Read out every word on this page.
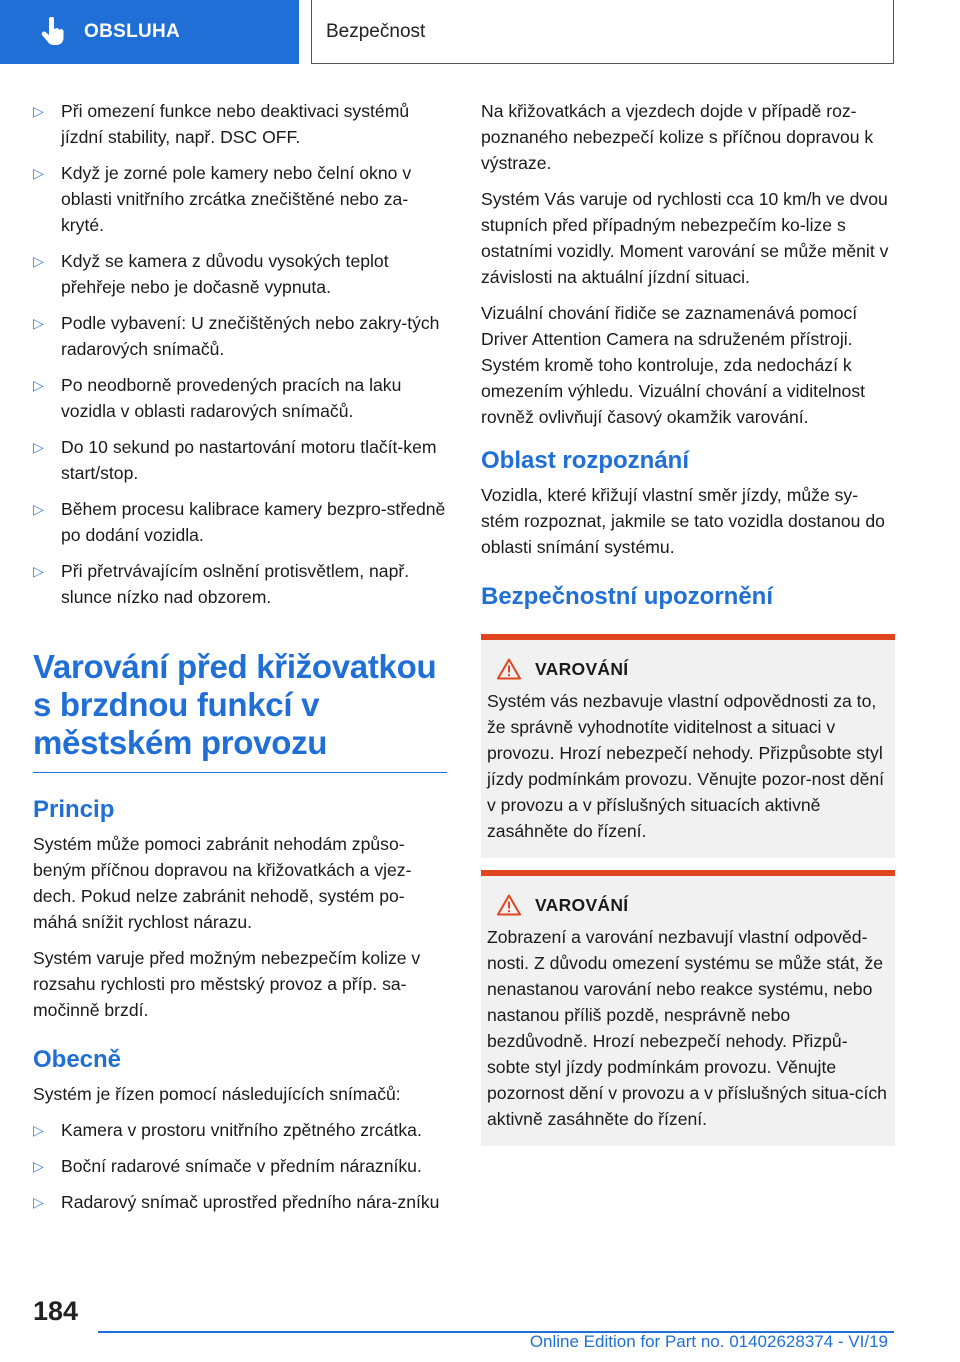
OBSLUHA	Bezpečnost
▷ Při omezení funkce nebo deaktivaci systémů jízdní stability, např. DSC OFF.
▷ Když je zorné pole kamery nebo čelní okno v oblasti vnitřního zrcátka znečištěné nebo za‐kryté.
▷ Když se kamera z důvodu vysokých teplot přehřeje nebo je dočasně vypnuta.
▷ Podle vybavení: U znečištěných nebo zakry‐tých radarových snímačů.
▷ Po neodborně provedených pracích na laku vozidla v oblasti radarových snímačů.
▷ Do 10 sekund po nastartování motoru tlačít‐kem start/stop.
▷ Během procesu kalibrace kamery bezpro‐středně po dodání vozidla.
▷ Při přetrvávajícím oslnění protisvětlem, např. slunce nízko nad obzorem.
Varování před křižovatkou s brzdnou funkcí v městském provozu
Princip

Systém může pomoci zabránit nehodám způso‐beným příčnou dopravou na křižovatkách a vjez‐dech. Pokud nelze zabránit nehodě, systém po‐máhá snížit rychlost nárazu.

Systém varuje před možným nebezpečím kolize v rozsahu rychlosti pro městský provoz a příp. sa‐močinně brzdí.

Obecně

Systém je řízen pomocí následujících snímačů:

▷ Kamera v prostoru vnitřního zpětného zrcátka.
▷ Boční radarové snímače v předním nárazníku.
▷ Radarový snímač uprostřed předního nára‐zníku

Na křižovatkách a vjezdech dojde v případě roz‐poznaného nebezpečí kolize s příčnou dopravou k výstraze.

Systém Vás varuje od rychlosti cca 10 km/h ve dvou stupních před případným nebezpečím ko‐lize s ostatními vozidly. Moment varování se může měnit v závislosti na aktuální jízdní situaci.

Vizuální chování řidiče se zaznamenává pomocí Driver Attention Camera na sdruženém přístroji. Systém kromě toho kontroluje, zda nedochází k omezením výhledu. Vizuální chování a viditelnost rovněž ovlivňují časový okamžik varování.

Oblast rozpoznání

Vozidla, které křižují vlastní směr jízdy, může sy‐stém rozpoznat, jakmile se tato vozidla dostanou do oblasti snímání systému.

Bezpečnostní upozornění
VAROVÁNÍ

Systém vás nezbavuje vlastní odpovědnosti za to, že správně vyhodnotíte viditelnost a situaci v provozu. Hrozí nebezpečí nehody. Přizpůsobte styl jízdy podmínkám provozu. Věnujte pozor‐nost dění v provozu a v příslušných situacích aktivně zasáhněte do řízení.

VAROVÁNÍ

Zobrazení a varování nezbavují vlastní odpověd‐nosti. Z důvodu omezení systému se může stát, že nenastanou varování nebo reakce systému, nebo nastanou příliš pozdě, nesprávně nebo bezdůvodně. Hrozí nebezpečí nehody. Přizpů‐sobte styl jízdy podmínkám provozu. Věnujte pozornost dění v provozu a v příslušných situa‐cích aktivně zasáhněte do řízení.

184
Online Edition for Part no. 01402628374 - VI/19
